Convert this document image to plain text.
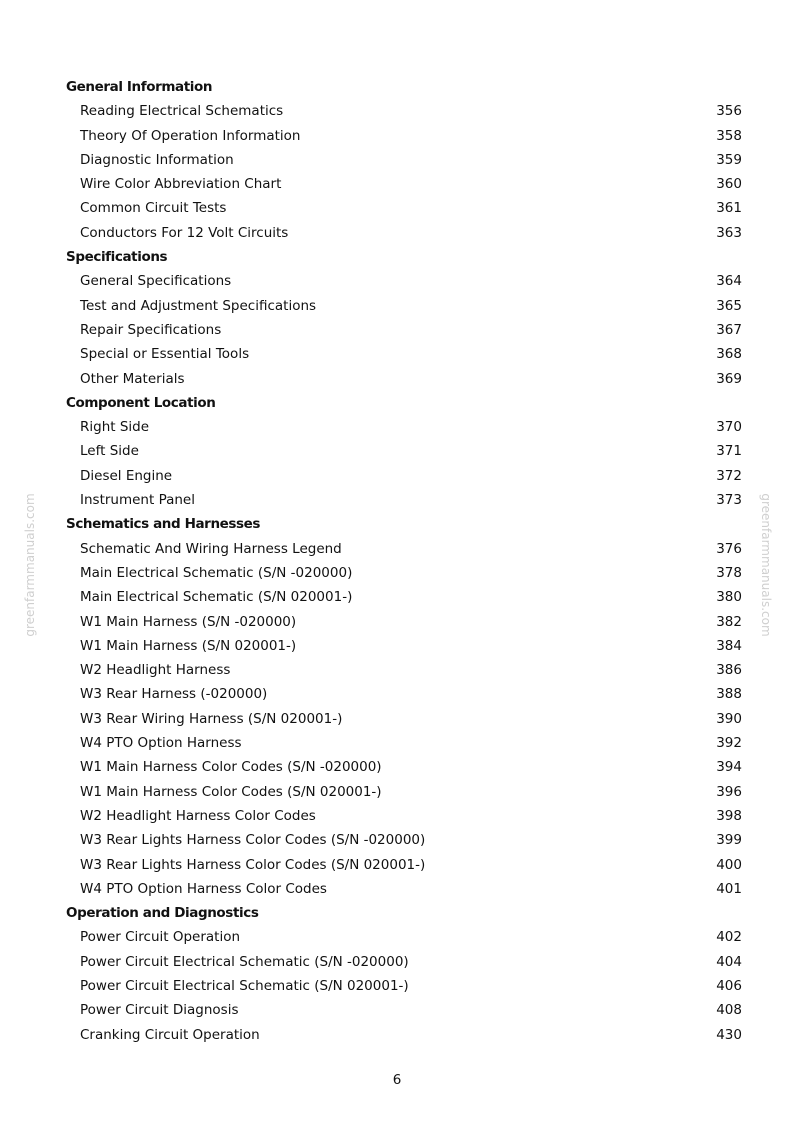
greenfarmmanuals.com	greenfarmmanuals.com
General Information
Reading Electrical Schematics	356
Theory Of Operation Information	358
Diagnostic Information	359
Wire Color Abbreviation Chart	360
Common Circuit Tests	361
Conductors For 12 Volt Circuits	363
Specifications
General Specifications	364
Test and Adjustment Specifications	365
Repair Specifications	367
Special or Essential Tools	368
Other Materials	369
Component Location
Right Side	370
Left Side	371
Diesel Engine	372
Instrument Panel	373
Schematics and Harnesses
Schematic And Wiring Harness Legend	376
Main Electrical Schematic (S/N -020000)	378
Main Electrical Schematic (S/N 020001-)	380
W1 Main Harness (S/N -020000)	382
W1 Main Harness (S/N 020001-)	384
W2 Headlight Harness	386
W3 Rear Harness (-020000)	388
W3 Rear Wiring Harness (S/N 020001-)	390
W4 PTO Option Harness	392
W1 Main Harness Color Codes (S/N -020000)	394
W1 Main Harness Color Codes (S/N 020001-)	396
W2 Headlight Harness Color Codes	398
W3 Rear Lights Harness Color Codes (S/N -020000)	399
W3 Rear Lights Harness Color Codes (S/N 020001-)	400
W4 PTO Option Harness Color Codes	401
Operation and Diagnostics
Power Circuit Operation	402
Power Circuit Electrical Schematic (S/N -020000)	404
Power Circuit Electrical Schematic (S/N 020001-)	406
Power Circuit Diagnosis	408
Cranking Circuit Operation	430
6
